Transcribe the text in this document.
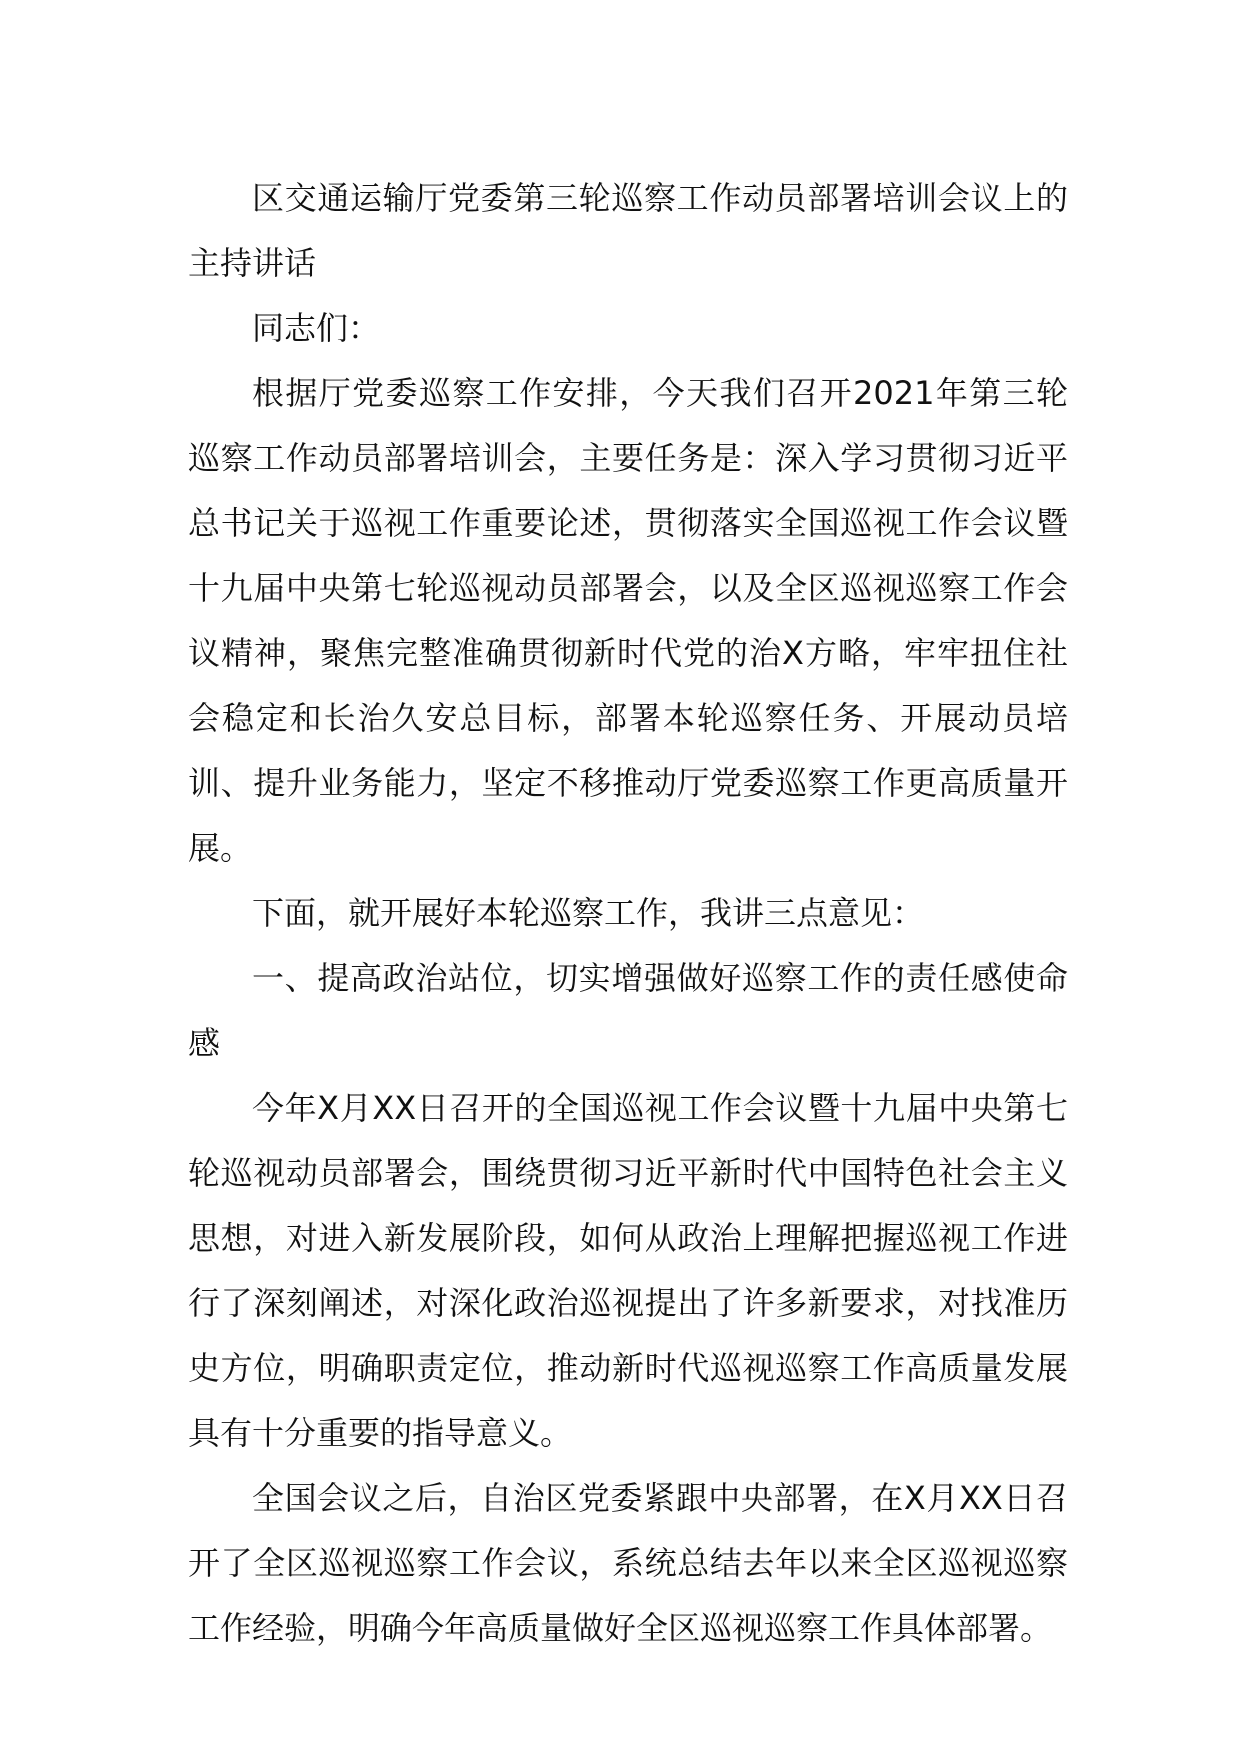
区交通运输厅党委第三轮巡察工作动员部署培训会议上的主持讲话

同志们：

根据厅党委巡察工作安排，今天我们召开2021年第三轮巡察工作动员部署培训会，主要任务是：深入学习贯彻习近平总书记关于巡视工作重要论述，贯彻落实全国巡视工作会议暨十九届中央第七轮巡视动员部署会，以及全区巡视巡察工作会议精神，聚焦完整准确贯彻新时代党的治X方略，牢牢扭住社会稳定和长治久安总目标，部署本轮巡察任务、开展动员培训、提升业务能力，坚定不移推动厅党委巡察工作更高质量开展。

下面，就开展好本轮巡察工作，我讲三点意见：

一、提高政治站位，切实增强做好巡察工作的责任感使命感

今年X月XX日召开的全国巡视工作会议暨十九届中央第七轮巡视动员部署会，围绕贯彻习近平新时代中国特色社会主义思想，对进入新发展阶段，如何从政治上理解把握巡视工作进行了深刻阐述，对深化政治巡视提出了许多新要求，对找准历史方位，明确职责定位，推动新时代巡视巡察工作高质量发展具有十分重要的指导意义。

全国会议之后，自治区党委紧跟中央部署，在X月XX日召开了全区巡视巡察工作会议，系统总结去年以来全区巡视巡察工作经验，明确今年高质量做好全区巡视巡察工作具体部署。
